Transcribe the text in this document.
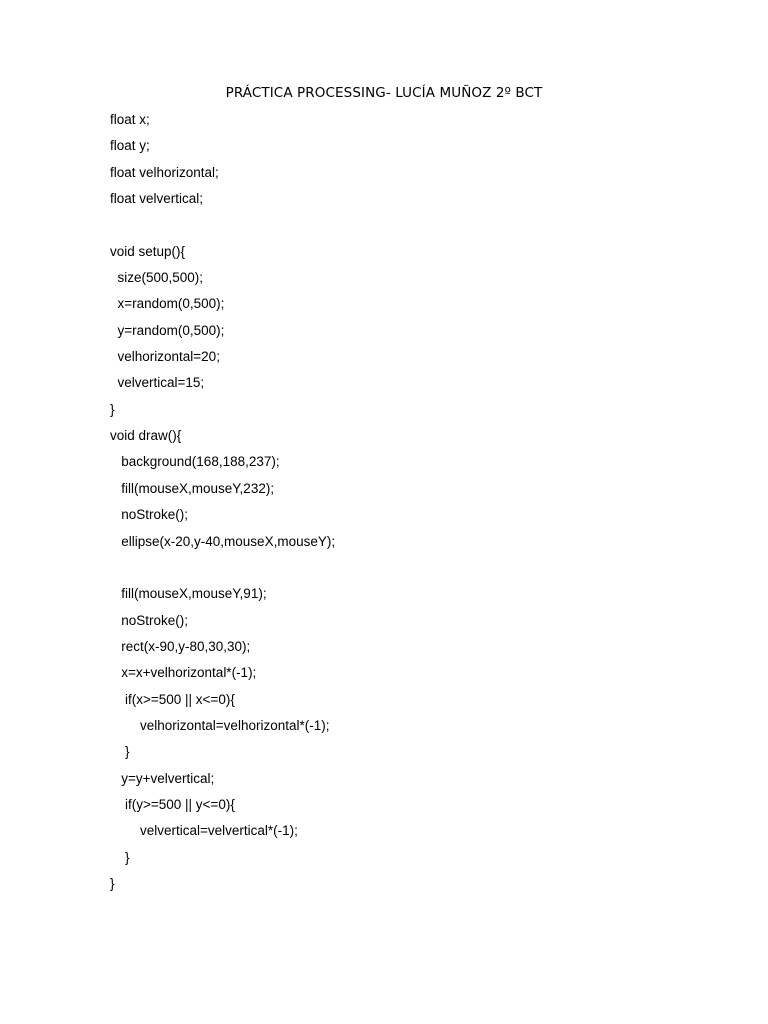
PRÁCTICA PROCESSING- LUCÍA MUÑOZ 2º BCT
float x;
float y;
float velhorizontal;
float velvertical;
void setup(){
size(500,500);
x=random(0,500);
y=random(0,500);
velhorizontal=20;
velvertical=15;
}
void draw(){
background(168,188,237);
fill(mouseX,mouseY,232);
noStroke();
ellipse(x-20,y-40,mouseX,mouseY);
fill(mouseX,mouseY,91);
noStroke();
rect(x-90,y-80,30,30);
x=x+velhorizontal*(-1);
if(x>=500 || x<=0){
velhorizontal=velhorizontal*(-1);
}
y=y+velvertical;
if(y>=500 || y<=0){
velvertical=velvertical*(-1);
}
}
